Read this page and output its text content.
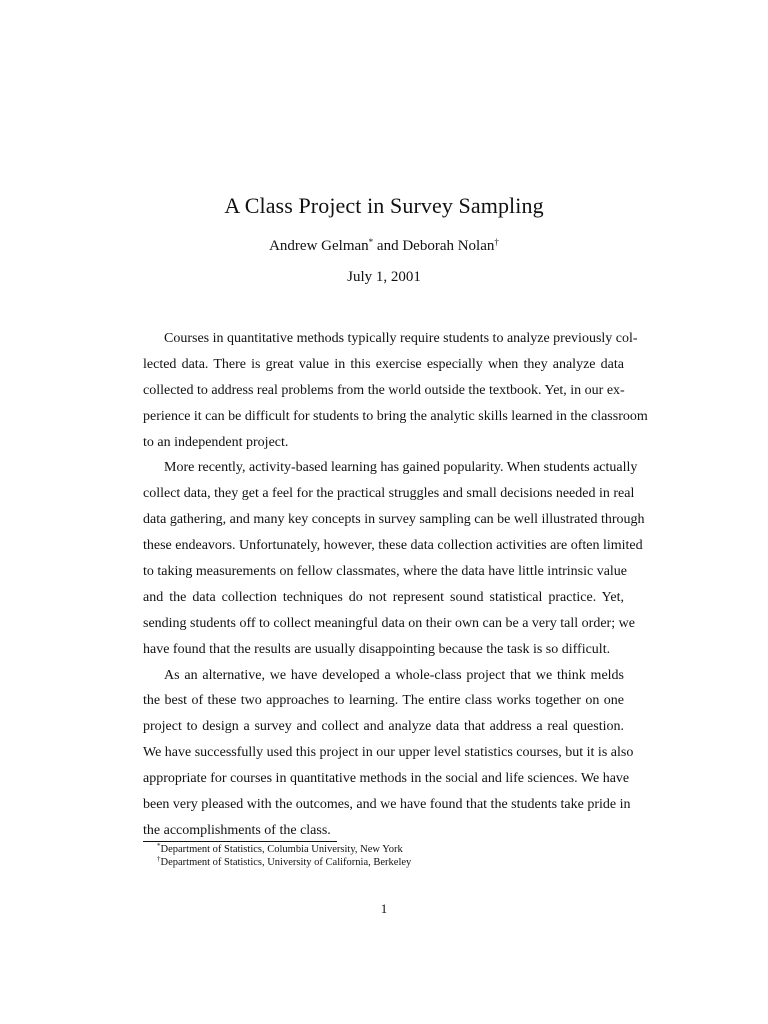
A Class Project in Survey Sampling
Andrew Gelman* and Deborah Nolan†
July 1, 2001
Courses in quantitative methods typically require students to analyze previously col-
lected data. There is great value in this exercise especially when they analyze data
collected to address real problems from the world outside the textbook. Yet, in our ex-
perience it can be difficult for students to bring the analytic skills learned in the classroom
to an independent project.
More recently, activity-based learning has gained popularity. When students actually
collect data, they get a feel for the practical struggles and small decisions needed in real
data gathering, and many key concepts in survey sampling can be well illustrated through
these endeavors. Unfortunately, however, these data collection activities are often limited
to taking measurements on fellow classmates, where the data have little intrinsic value
and the data collection techniques do not represent sound statistical practice. Yet,
sending students off to collect meaningful data on their own can be a very tall order; we
have found that the results are usually disappointing because the task is so difficult.
As an alternative, we have developed a whole-class project that we think melds
the best of these two approaches to learning. The entire class works together on one
project to design a survey and collect and analyze data that address a real question.
We have successfully used this project in our upper level statistics courses, but it is also
appropriate for courses in quantitative methods in the social and life sciences. We have
been very pleased with the outcomes, and we have found that the students take pride in
the accomplishments of the class.
*Department of Statistics, Columbia University, New York
†Department of Statistics, University of California, Berkeley
1
